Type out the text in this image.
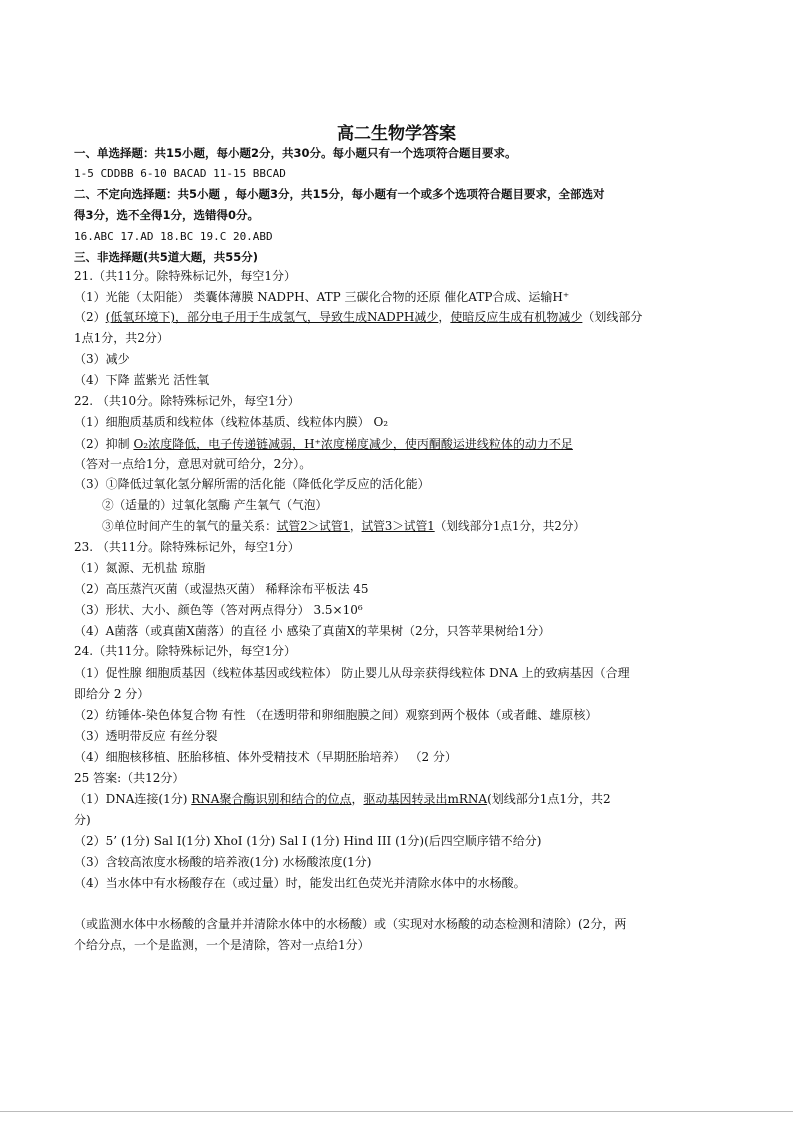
高二生物学答案
一、单选择题：共15小题，每小题2分，共30分。每小题只有一个选项符合题目要求。
1-5 CDDBB 6-10 BACAD 11-15 BBCAD
二、不定向选择题：共5小题 ，每小题3分，共15分，每小题有一个或多个选项符合题目要求，全部选对
得3分，选不全得1分，选错得0分。
16.ABC 17.AD 18.BC 19.C 20.ABD
三、非选择题(共5道大题，共55分)
21.（共11分。除特殊标记外，每空1分）
（1）光能（太阳能） 类囊体薄膜 NADPH、ATP 三碳化合物的还原 催化ATP合成、运输H⁺
（2）(低氧环境下)，部分电子用于生成氢气，导致生成NADPH减少，使暗反应生成有机物减少（划线部分
1点1分，共2分）
（3）减少
（4）下降 蓝紫光 活性氧
22. （共10分。除特殊标记外，每空1分）
（1）细胞质基质和线粒体（线粒体基质、线粒体内膜） O₂
（2）抑制 O₂浓度降低，电子传递链减弱，H⁺浓度梯度减少，使丙酮酸运进线粒体的动力不足
（答对一点给1分，意思对就可给分，2分）。
（3）①降低过氧化氢分解所需的活化能（降低化学反应的活化能）
②（适量的）过氧化氢酶 产生氧气（气泡）
③单位时间产生的氧气的量关系：试管2＞试管1，试管3＞试管1（划线部分1点1分，共2分）
23. （共11分。除特殊标记外，每空1分）
（1）氮源、无机盐 琼脂
（2）高压蒸汽灭菌（或湿热灭菌） 稀释涂布平板法 45
（3）形状、大小、颜色等（答对两点得分） 3.5×10⁶
（4）A菌落（或真菌X菌落）的直径 小 感染了真菌X的苹果树（2分，只答苹果树给1分）
24.（共11分。除特殊标记外，每空1分）
（1）促性腺 细胞质基因（线粒体基因或线粒体） 防止婴儿从母亲获得线粒体 DNA 上的致病基因（合理
即给分 2 分）
（2）纺锤体-染色体复合物 有性 （在透明带和卵细胞膜之间）观察到两个极体（或者雌、雄原核）
（3）透明带反应 有丝分裂
（4）细胞核移植、胚胎移植、体外受精技术（早期胚胎培养） （2 分）
25 答案:（共12分）
（1）DNA连接(1分) RNA聚合酶识别和结合的位点，驱动基因转录出mRNA(划线部分1点1分，共2
分)
（2）5’ (1分) Sal I(1分) XhoI (1分) Sal I (1分) Hind III (1分)(后四空顺序错不给分)
（3）含较高浓度水杨酸的培养液(1分) 水杨酸浓度(1分)
（4）当水体中有水杨酸存在（或过量）时，能发出红色荧光并清除水体中的水杨酸。
（或监测水体中水杨酸的含量并并清除水体中的水杨酸）或（实现对水杨酸的动态检测和清除）(2分，两
个给分点，一个是监测，一个是清除，答对一点给1分）
